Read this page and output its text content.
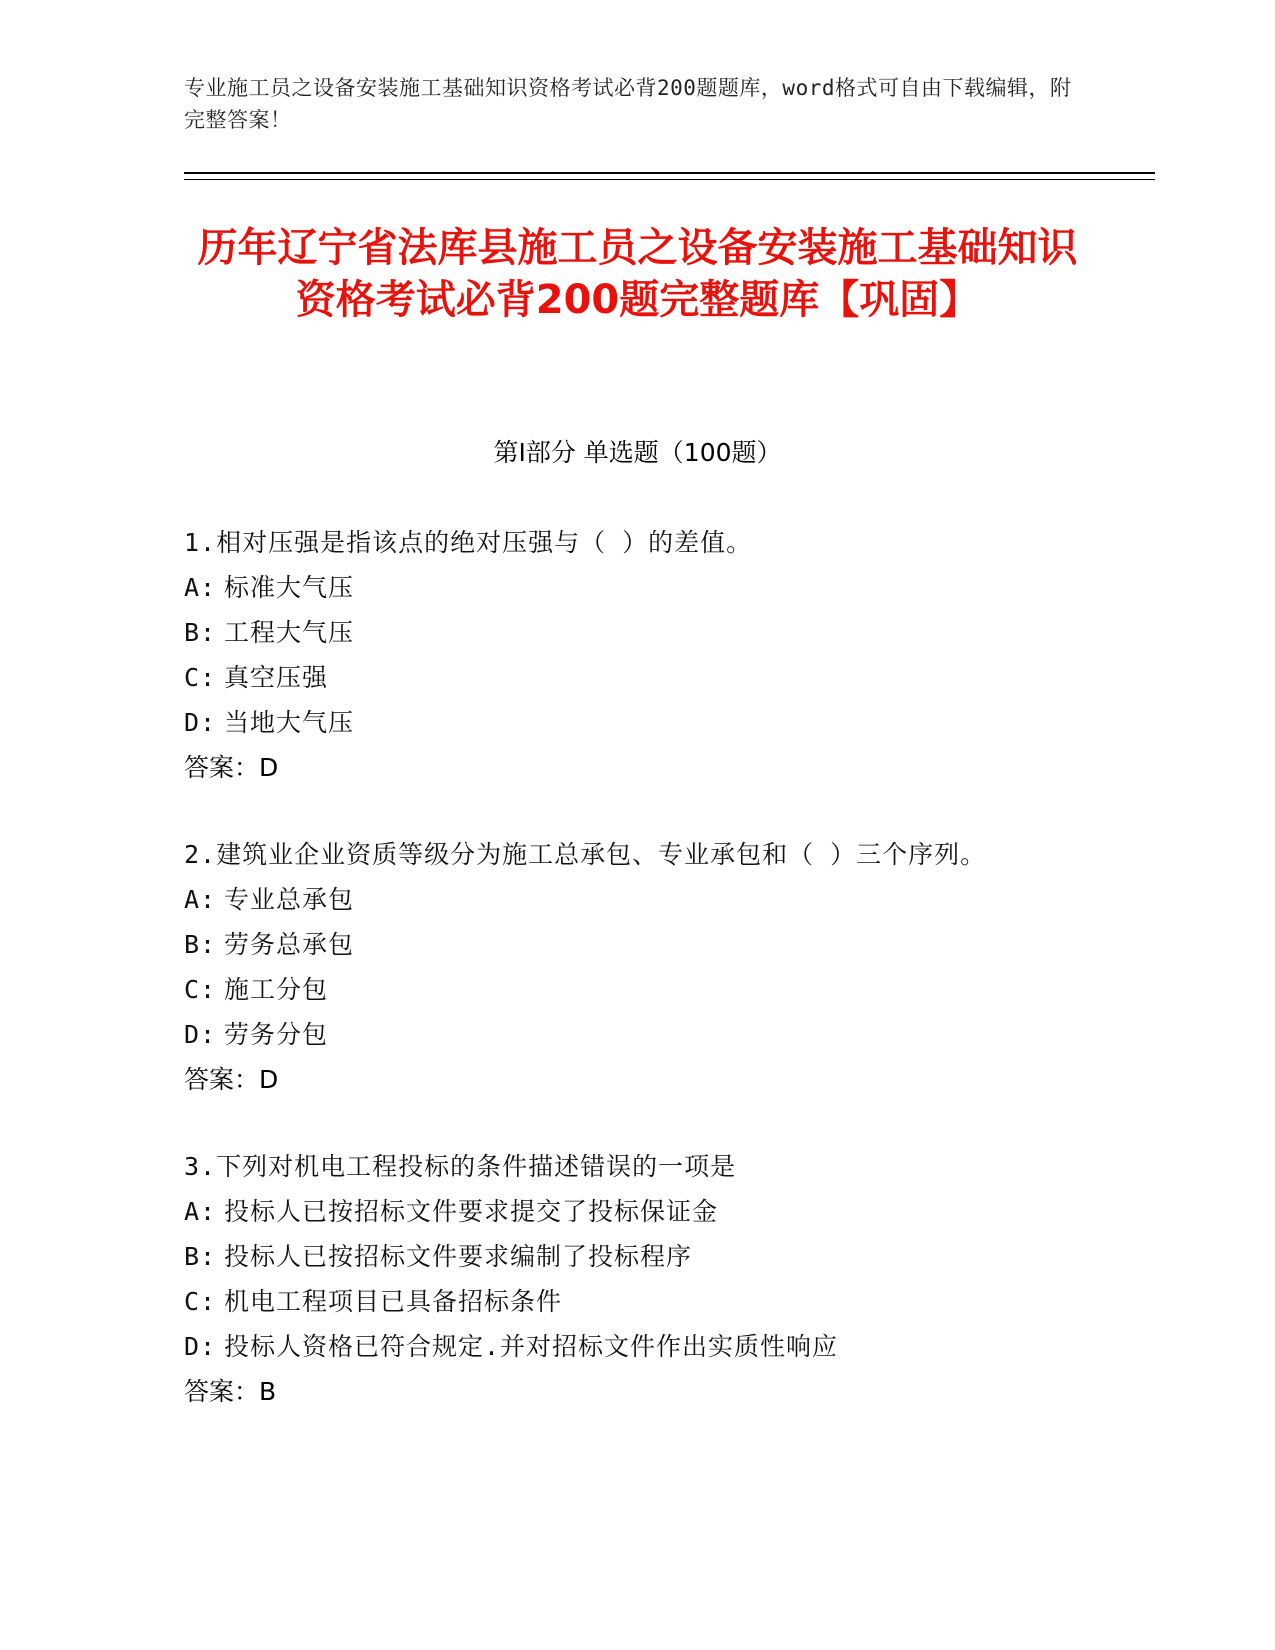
专业施工员之设备安装施工基础知识资格考试必背200题题库，word格式可自由下载编辑，附完整答案！
历年辽宁省法库县施工员之设备安装施工基础知识资格考试必背200题完整题库【巩固】
第Ⅰ部分 单选题（100题）
1.相对压强是指该点的绝对压强与（ ）的差值。
A: 标准大气压
B: 工程大气压
C: 真空压强
D: 当地大气压
答案：D
2.建筑业企业资质等级分为施工总承包、专业承包和（ ）三个序列。
A: 专业总承包
B: 劳务总承包
C: 施工分包
D: 劳务分包
答案：D
3.下列对机电工程投标的条件描述错误的一项是
A: 投标人已按招标文件要求提交了投标保证金
B: 投标人已按招标文件要求编制了投标程序
C: 机电工程项目已具备招标条件
D: 投标人资格已符合规定.并对招标文件作出实质性响应
答案：B
